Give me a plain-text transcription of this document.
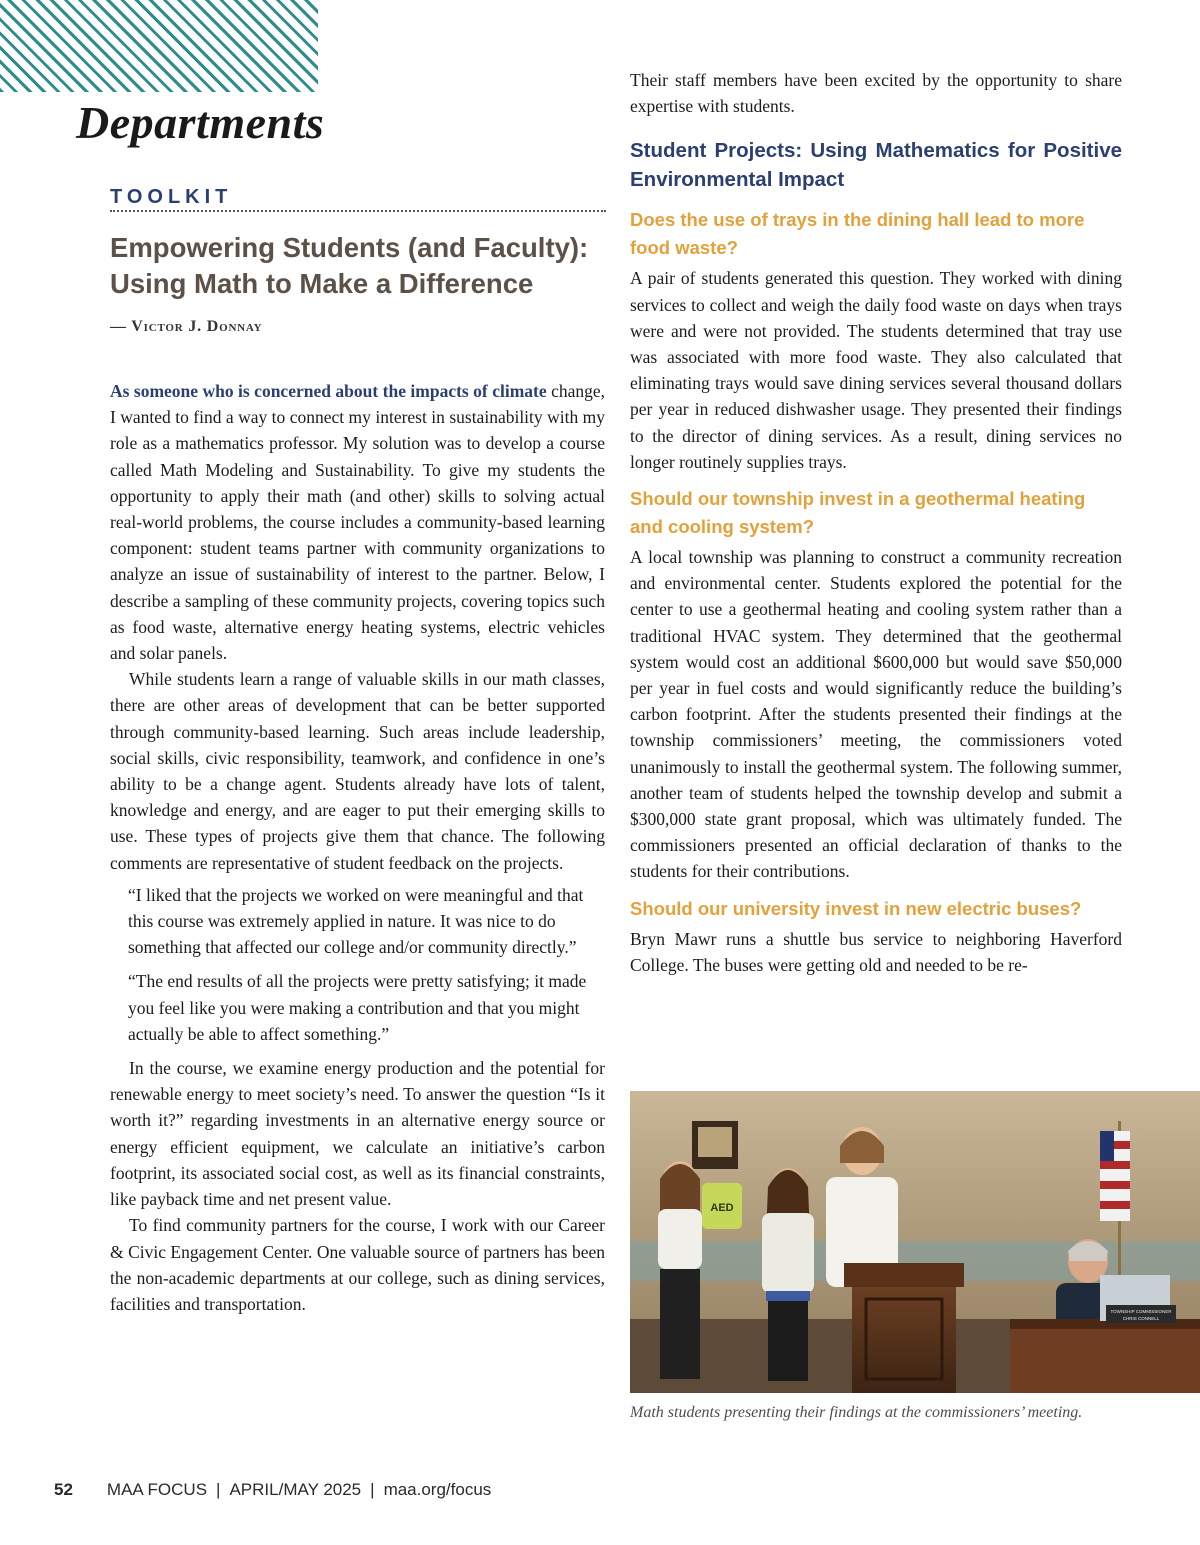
Departments
TOOLKIT
Empowering Students (and Faculty): Using Math to Make a Difference
— Victor J. Donnay

As someone who is concerned about the impacts of climate change, I wanted to find a way to connect my interest in sustainability with my role as a mathematics professor. My solution was to develop a course called Math Modeling and Sustainability. To give my students the opportunity to apply their math (and other) skills to solving actual real-world problems, the course includes a community-based learning component: student teams partner with community organizations to analyze an issue of sustainability of interest to the partner. Below, I describe a sampling of these community projects, covering topics such as food waste, alternative energy heating systems, electric vehicles and solar panels.

While students learn a range of valuable skills in our math classes, there are other areas of development that can be better supported through community-based learning. Such areas include leadership, social skills, civic responsibility, teamwork, and confidence in one’s ability to be a change agent. Students already have lots of talent, knowledge and energy, and are eager to put their emerging skills to use. These types of projects give them that chance. The following comments are representative of student feedback on the projects.

“I liked that the projects we worked on were meaningful and that this course was extremely applied in nature. It was nice to do something that affected our college and/or community directly.”

“The end results of all the projects were pretty satisfying; it made you feel like you were making a contribution and that you might actually be able to affect something.”

In the course, we examine energy production and the potential for renewable energy to meet society’s need. To answer the question “Is it worth it?” regarding investments in an alternative energy source or energy efficient equipment, we calculate an initiative’s carbon footprint, its associated social cost, as well as its financial constraints, like payback time and net present value.

To find community partners for the course, I work with our Career & Civic Engagement Center. One valuable source of partners has been the non-academic departments at our college, such as dining services, facilities and transportation.

Their staff members have been excited by the opportunity to share expertise with students.

Student Projects: Using Mathematics for Positive Environmental Impact
Does the use of trays in the dining hall lead to more food waste?

A pair of students generated this question. They worked with dining services to collect and weigh the daily food waste on days when trays were and were not provided. The students determined that tray use was associated with more food waste. They also calculated that eliminating trays would save dining services several thousand dollars per year in reduced dishwasher usage. They presented their findings to the director of dining services. As a result, dining services no longer routinely supplies trays.

Should our township invest in a geothermal heating and cooling system?

A local township was planning to construct a community recreation and environmental center. Students explored the potential for the center to use a geothermal heating and cooling system rather than a traditional HVAC system. They determined that the geothermal system would cost an additional $600,000 but would save $50,000 per year in fuel costs and would significantly reduce the building’s carbon footprint. After the students presented their findings at the township commissioners’ meeting, the commissioners voted unanimously to install the geothermal system. The following summer, another team of students helped the township develop and submit a $300,000 state grant proposal, which was ultimately funded. The commissioners presented an official declaration of thanks to the students for their contributions.

Should our university invest in new electric buses?

Bryn Mawr runs a shuttle bus service to neighboring Haverford College. The buses were getting old and needed to be re-

AED
TOWNSHIP COMMISSIONER
CHRIS CONNELL

Math students presenting their findings at the commissioners’ meeting.

52 MAA FOCUS | APRIL/MAY 2025 | maa.org/focus
